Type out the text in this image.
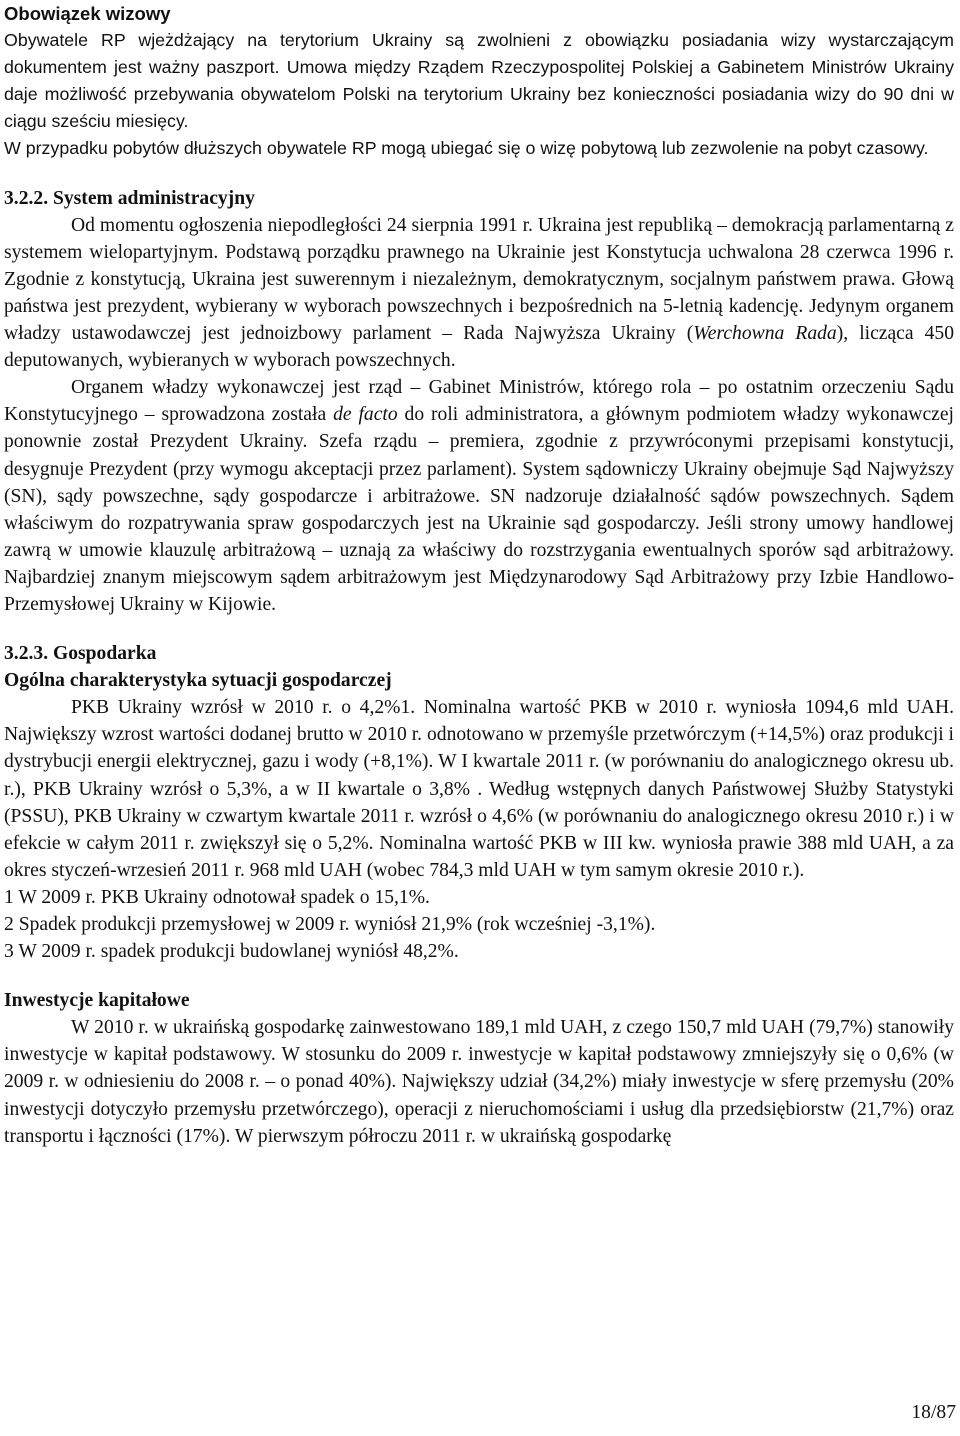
Obowiązek wizowy
Obywatele RP wjeżdżający na terytorium Ukrainy są zwolnieni z obowiązku posiadania wizy wystarczającym dokumentem jest ważny paszport. Umowa między Rządem Rzeczypospolitej Polskiej a Gabinetem Ministrów Ukrainy daje możliwość przebywania obywatelom Polski na terytorium Ukrainy bez konieczności posiadania wizy do 90 dni w ciągu sześciu miesięcy.
W przypadku pobytów dłuższych obywatele RP mogą ubiegać się o wizę pobytową lub zezwolenie na pobyt czasowy.
3.2.2. System administracyjny
Od momentu ogłoszenia niepodległości 24 sierpnia 1991 r. Ukraina jest republiką – demokracją parlamentarną z systemem wielopartyjnym. Podstawą porządku prawnego na Ukrainie jest Konstytucja uchwalona 28 czerwca 1996 r. Zgodnie z konstytucją, Ukraina jest suwerennym i niezależnym, demokratycznym, socjalnym państwem prawa. Głową państwa jest prezydent, wybierany w wyborach powszechnych i bezpośrednich na 5-letnią kadencję. Jedynym organem władzy ustawodawczej jest jednoizbowy parlament – Rada Najwyższa Ukrainy (Werchowna Rada), licząca 450 deputowanych, wybieranych w wyborach powszechnych.
Organem władzy wykonawczej jest rząd – Gabinet Ministrów, którego rola – po ostatnim orzeczeniu Sądu Konstytucyjnego – sprowadzona została de facto do roli administratora, a głównym podmiotem władzy wykonawczej ponownie został Prezydent Ukrainy. Szefa rządu – premiera, zgodnie z przywróconymi przepisami konstytucji, desygnuje Prezydent (przy wymogu akceptacji przez parlament). System sądowniczy Ukrainy obejmuje Sąd Najwyższy (SN), sądy powszechne, sądy gospodarcze i arbitrażowe. SN nadzoruje działalność sądów powszechnych. Sądem właściwym do rozpatrywania spraw gospodarczych jest na Ukrainie sąd gospodarczy. Jeśli strony umowy handlowej zawrą w umowie klauzulę arbitrażową – uznają za właściwy do rozstrzygania ewentualnych sporów sąd arbitrażowy. Najbardziej znanym miejscowym sądem arbitrażowym jest Międzynarodowy Sąd Arbitrażowy przy Izbie Handlowo-Przemysłowej Ukrainy w Kijowie.
3.2.3. Gospodarka
Ogólna charakterystyka sytuacji gospodarczej
PKB Ukrainy wzrósł w 2010 r. o 4,2%1. Nominalna wartość PKB w 2010 r. wyniosła 1094,6 mld UAH. Największy wzrost wartości dodanej brutto w 2010 r. odnotowano w przemyśle przetwórczym (+14,5%) oraz produkcji i dystrybucji energii elektrycznej, gazu i wody (+8,1%). W I kwartale 2011 r. (w porównaniu do analogicznego okresu ub. r.), PKB Ukrainy wzrósł o 5,3%, a w II kwartale o 3,8% . Według wstępnych danych Państwowej Służby Statystyki (PSSU), PKB Ukrainy w czwartym kwartale 2011 r. wzrósł o 4,6% (w porównaniu do analogicznego okresu 2010 r.) i w efekcie w całym 2011 r. zwiększył się o 5,2%. Nominalna wartość PKB w III kw. wyniosła prawie 388 mld UAH, a za okres styczeń-wrzesień 2011 r. 968 mld UAH (wobec 784,3 mld UAH w tym samym okresie 2010 r.).
1 W 2009 r. PKB Ukrainy odnotował spadek o 15,1%.
2 Spadek produkcji przemysłowej w 2009 r. wyniósł 21,9% (rok wcześniej -3,1%).
3 W 2009 r. spadek produkcji budowlanej wyniósł 48,2%.
Inwestycje kapitałowe
W 2010 r. w ukraińską gospodarkę zainwestowano 189,1 mld UAH, z czego 150,7 mld UAH (79,7%) stanowiły inwestycje w kapitał podstawowy. W stosunku do 2009 r. inwestycje w kapitał podstawowy zmniejszyły się o 0,6% (w 2009 r. w odniesieniu do 2008 r. – o ponad 40%). Największy udział (34,2%) miały inwestycje w sferę przemysłu (20% inwestycji dotyczyło przemysłu przetwórczego), operacji z nieruchomościami i usług dla przedsiębiorstw (21,7%) oraz transportu i łączności (17%). W pierwszym półroczu 2011 r. w ukraińską gospodarkę
18/87
